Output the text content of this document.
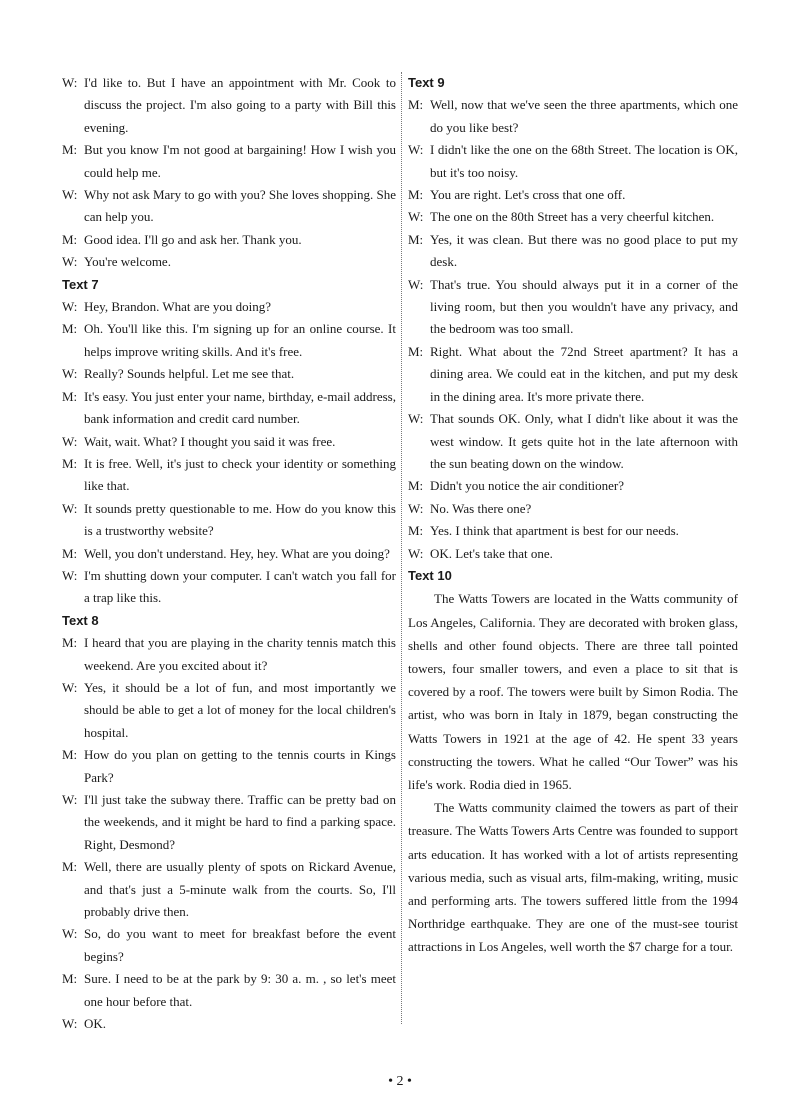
W: I'd like to. But I have an appointment with Mr. Cook to discuss the project. I'm also going to a party with Bill this evening.
M: But you know I'm not good at bargaining! How I wish you could help me.
W: Why not ask Mary to go with you? She loves shopping. She can help you.
M: Good idea. I'll go and ask her. Thank you.
W: You're welcome.
Text 7
W: Hey, Brandon. What are you doing?
M: Oh. You'll like this. I'm signing up for an online course. It helps improve writing skills. And it's free.
W: Really? Sounds helpful. Let me see that.
M: It's easy. You just enter your name, birthday, e-mail address, bank information and credit card number.
W: Wait, wait. What? I thought you said it was free.
M: It is free. Well, it's just to check your identity or something like that.
W: It sounds pretty questionable to me. How do you know this is a trustworthy website?
M: Well, you don't understand. Hey, hey. What are you doing?
W: I'm shutting down your computer. I can't watch you fall for a trap like this.
Text 8
M: I heard that you are playing in the charity tennis match this weekend. Are you excited about it?
W: Yes, it should be a lot of fun, and most importantly we should be able to get a lot of money for the local children's hospital.
M: How do you plan on getting to the tennis courts in Kings Park?
W: I'll just take the subway there. Traffic can be pretty bad on the weekends, and it might be hard to find a parking space. Right, Desmond?
M: Well, there are usually plenty of spots on Rickard Avenue, and that's just a 5-minute walk from the courts. So, I'll probably drive then.
W: So, do you want to meet for breakfast before the event begins?
M: Sure. I need to be at the park by 9: 30 a. m. , so let's meet one hour before that.
W: OK.
Text 9
M: Well, now that we've seen the three apartments, which one do you like best?
W: I didn't like the one on the 68th Street. The location is OK, but it's too noisy.
M: You are right. Let's cross that one off.
W: The one on the 80th Street has a very cheerful kitchen.
M: Yes, it was clean. But there was no good place to put my desk.
W: That's true. You should always put it in a corner of the living room, but then you wouldn't have any privacy, and the bedroom was too small.
M: Right. What about the 72nd Street apartment? It has a dining area. We could eat in the kitchen, and put my desk in the dining area. It's more private there.
W: That sounds OK. Only, what I didn't like about it was the west window. It gets quite hot in the late afternoon with the sun beating down on the window.
M: Didn't you notice the air conditioner?
W: No. Was there one?
M: Yes. I think that apartment is best for our needs.
W: OK. Let's take that one.
Text 10
The Watts Towers are located in the Watts community of Los Angeles, California. They are decorated with broken glass, shells and other found objects. There are three tall pointed towers, four smaller towers, and even a place to sit that is covered by a roof. The towers were built by Simon Rodia. The artist, who was born in Italy in 1879, began constructing the Watts Towers in 1921 at the age of 42. He spent 33 years constructing the towers. What he called “Our Tower” was his life's work. Rodia died in 1965.
The Watts community claimed the towers as part of their treasure. The Watts Towers Arts Centre was founded to support arts education. It has worked with a lot of artists representing various media, such as visual arts, film-making, writing, music and performing arts. The towers suffered little from the 1994 Northridge earthquake. They are one of the must-see tourist attractions in Los Angeles, well worth the $7 charge for a tour.
• 2 •
